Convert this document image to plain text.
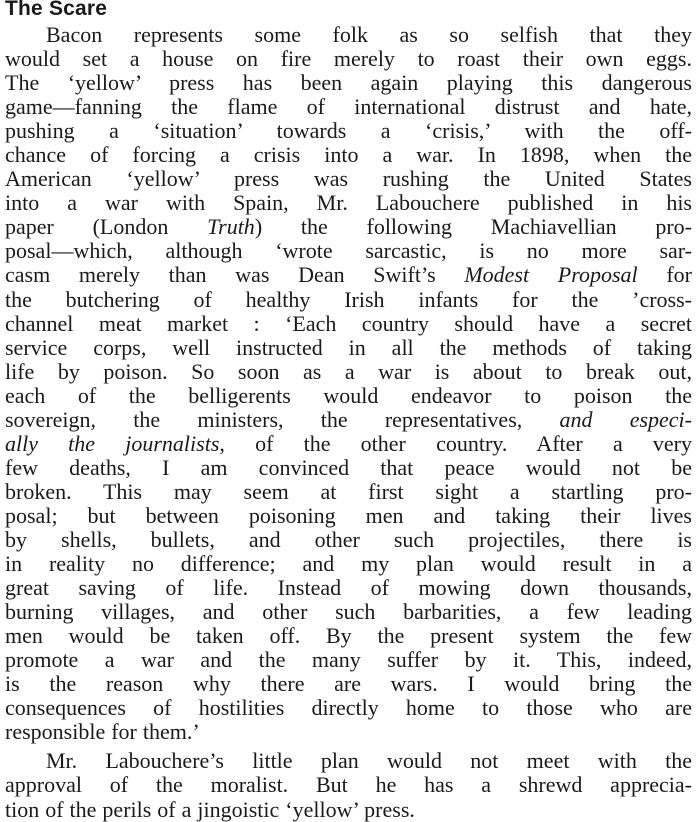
The Scare
Bacon represents some folk as so selfish that they
would set a house on fire merely to roast their own eggs.
The ‘yellow’ press has been again playing this dangerous
game—fanning the flame of international distrust and hate,
pushing a ‘situation’ towards a ‘crisis,’ with the off-
chance of forcing a crisis into a war. In 1898, when the
American ‘yellow’ press was rushing the United States
into a war with Spain, Mr. Labouchere published in his
paper (London Truth) the following Machiavellian pro-
posal—which, although ‘wrote sarcastic, is no more sar-
casm merely than was Dean Swift’s Modest Proposal for
the butchering of healthy Irish infants for the ’cross-
channel meat market : ‘Each country should have a secret
service corps, well instructed in all the methods of taking
life by poison. So soon as a war is about to break out,
each of the belligerents would endeavor to poison the
sovereign, the ministers, the representatives, and especi-
ally the journalists, of the other country. After a very
few deaths, I am convinced that peace would not be
broken. This may seem at first sight a startling pro-
posal; but between poisoning men and taking their lives
by shells, bullets, and other such projectiles, there is
in reality no difference; and my plan would result in a
great saving of life. Instead of mowing down thousands,
burning villages, and other such barbarities, a few leading
men would be taken off. By the present system the few
promote a war and the many suffer by it. This, indeed,
is the reason why there are wars. I would bring the
consequences of hostilities directly home to those who are
responsible for them.’
Mr. Labouchere’s little plan would not meet with the
approval of the moralist. But he has a shrewd apprecia-
tion of the perils of a jingoistic ‘yellow’ press.
